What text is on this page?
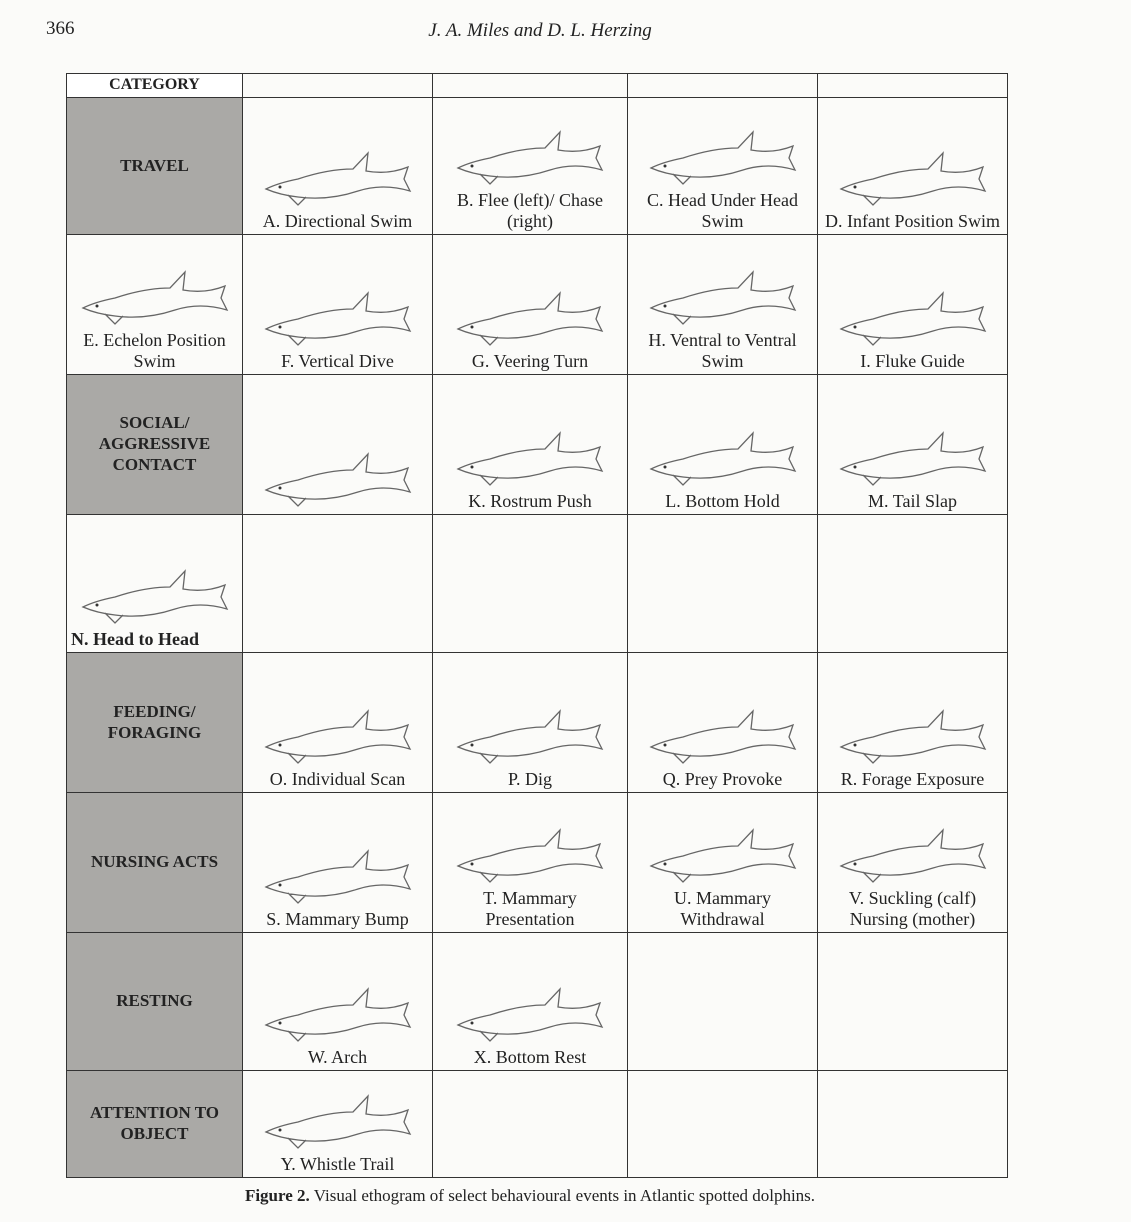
366	J. A. Miles and D. L. Herzing
CATEGORY				
TRAVEL	A. Directional Swim	B. Flee (left)/ Chase (right)	C. Head Under Head Swim	D. Infant Position Swim

E. Echelon Position Swim	F. Vertical Dive	G. Veering Turn	H. Ventral to Ventral Swim	I. Fluke Guide
SOCIAL/ AGGRESSIVE CONTACT		K. Rostrum Push	L. Bottom Hold	M. Tail Slap

N. Head to Head				
FEEDING/ FORAGING	O. Individual Scan	P. Dig	Q. Prey Provoke	R. Forage Exposure
NURSING ACTS	S. Mammary Bump	T. Mammary Presentation	U. Mammary Withdrawal	V. Suckling (calf) Nursing (mother)
RESTING	W. Arch	X. Bottom Rest		
ATTENTION TO OBJECT	Y. Whistle Trail			
Figure 2. Visual ethogram of select behavioural events in Atlantic spotted dolphins.
